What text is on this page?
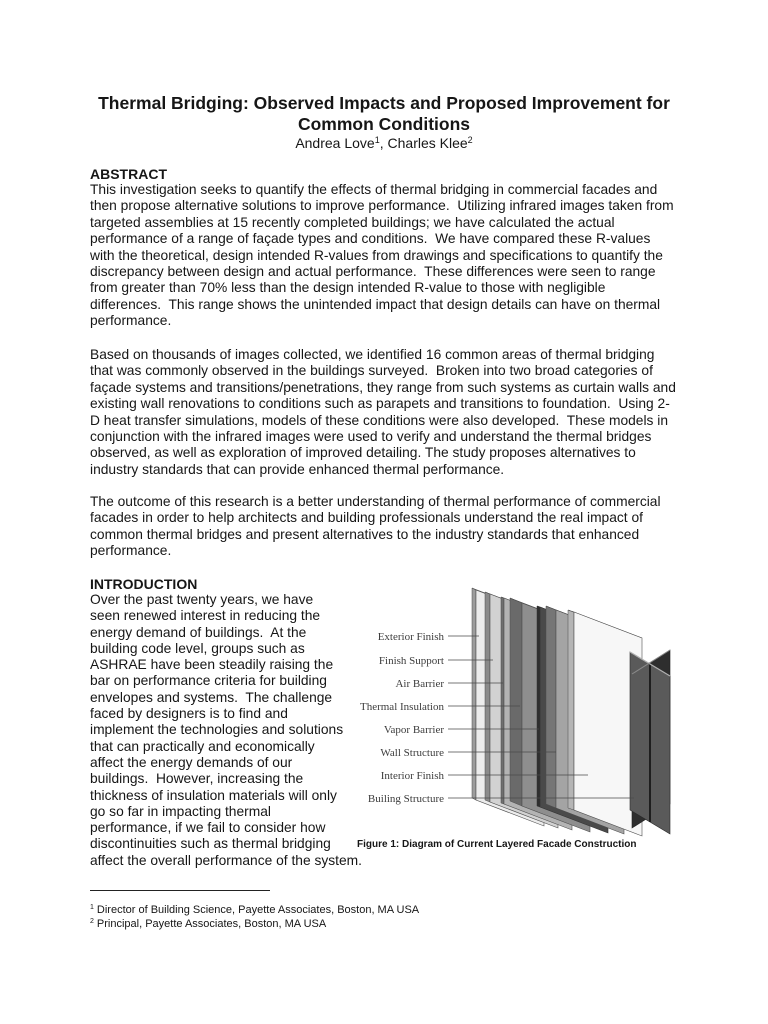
Thermal Bridging: Observed Impacts and Proposed Improvement for
Common Conditions
Andrea Love$^1$, Charles Klee$^2$
ABSTRACT
This investigation seeks to quantify the effects of thermal bridging in commercial facades and
then propose alternative solutions to improve performance.  Utilizing infrared images taken from
targeted assemblies at 15 recently completed buildings; we have calculated the actual
performance of a range of façade types and conditions.  We have compared these R-values
with the theoretical, design intended R-values from drawings and specifications to quantify the
discrepancy between design and actual performance.  These differences were seen to range
from greater than 70% less than the design intended R-value to those with negligible
differences.  This range shows the unintended impact that design details can have on thermal
performance.
Based on thousands of images collected, we identified 16 common areas of thermal bridging
that was commonly observed in the buildings surveyed.  Broken into two broad categories of
façade systems and transitions/penetrations, they range from such systems as curtain walls and
existing wall renovations to conditions such as parapets and transitions to foundation.  Using 2-
D heat transfer simulations, models of these conditions were also developed.  These models in
conjunction with the infrared images were used to verify and understand the thermal bridges
observed, as well as exploration of improved detailing. The study proposes alternatives to
industry standards that can provide enhanced thermal performance.
The outcome of this research is a better understanding of thermal performance of commercial
facades in order to help architects and building professionals understand the real impact of
common thermal bridges and present alternatives to the industry standards that enhanced
performance.
INTRODUCTION
Over the past twenty years, we have
seen renewed interest in reducing the
energy demand of buildings.  At the
building code level, groups such as
ASHRAE have been steadily raising the
bar on performance criteria for building
envelopes and systems.  The challenge
faced by designers is to find and
implement the technologies and solutions
that can practically and economically
affect the energy demands of our
buildings.  However, increasing the
thickness of insulation materials will only
go so far in impacting thermal
performance, if we fail to consider how
discontinuities such as thermal bridging
affect the overall performance of the system.
Exterior Finish
Finish Support
Air Barrier
Thermal Insulation
Vapor Barrier
Wall Structure
Interior Finish
Builing Structure
Figure 1: Diagram of Current Layered Facade Construction
$^1$ Director of Building Science, Payette Associates, Boston, MA USA
$^2$ Principal, Payette Associates, Boston, MA USA
